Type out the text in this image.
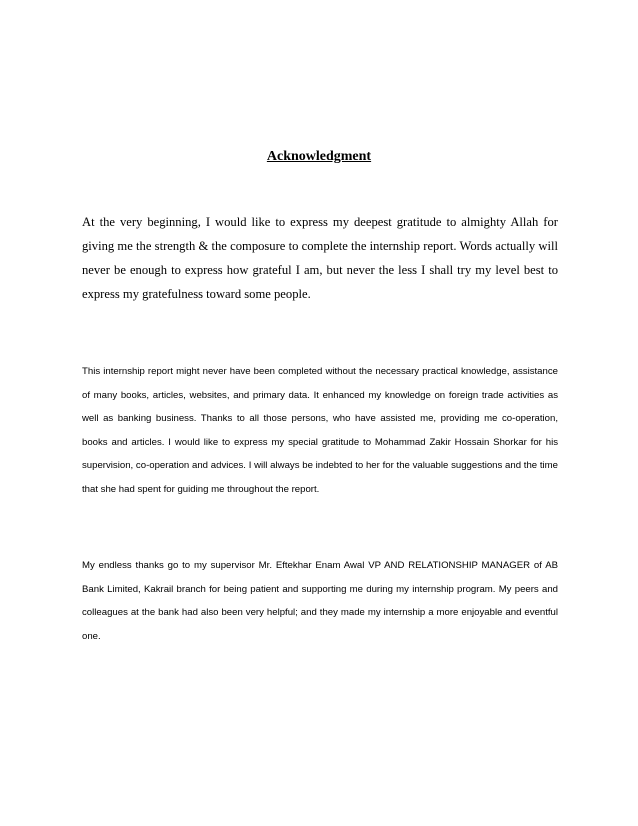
Acknowledgment

At the very beginning, I would like to express my deepest gratitude to almighty Allah for giving me the strength & the composure to complete the internship report. Words actually will never be enough to express how grateful I am, but never the less I shall try my level best to express my gratefulness toward some people.

This internship report might never have been completed without the necessary practical knowledge, assistance of many books, articles, websites, and primary data. It enhanced my knowledge on foreign trade activities as well as banking business. Thanks to all those persons, who have assisted me, providing me co-operation, books and articles. I would like to express my special gratitude to Mohammad Zakir Hossain Shorkar for his supervision, co-operation and advices. I will always be indebted to her for the valuable suggestions and the time that she had spent for guiding me throughout the report.

My endless thanks go to my supervisor Mr. Eftekhar Enam Awal VP AND RELATIONSHIP MANAGER of AB Bank Limited, Kakrail branch for being patient and supporting me during my internship program. My peers and colleagues at the bank had also been very helpful; and they made my internship a more enjoyable and eventful one.
